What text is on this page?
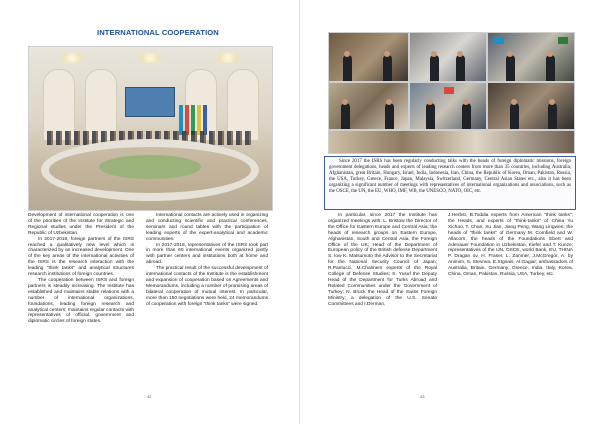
INTERNATIONAL COOPERATION

Development of international cooperation is one of the priorities of the Institute for Strategic and Regional studies under the President of the Republic of Uzbekistan.

In 2017-2018, foreign partners of the ISRS reached a qualitatively new level which is characterized by an increased development. One of the key areas of the international activities of the ISRS is the research interaction with the leading "think tanks" and analytical structures research institutions of foreign countries.

The cooperation between ISRS and foreign partners is steadily increasing. The Institute has established and maintains stable relations with a number of international organizations, foundations, leading foreign research and analytical centers; maintains regular contacts with representatives of official, government and diplomatic circles of foreign states.

International contacts are actively used in organizing and conducting scientific and practical conferences, seminars and round tables with the participation of leading experts of the expert-analytical and academic communities.

In 2017-2018, representatives of the ISRS took part in more than 60 international events organized jointly with partner centers and institutions both at home and abroad.

The practical result of the successful development of international contacts of the Institute is the establishment and expansion of cooperation based on Agreements and Memorandums, including a number of promising areas of bilateral cooperation of mutual interest. In particular, more than 150 negotiations were held, 24 memorandums of cooperation with foreign "think tanks" were signed.

42

Since 2017 the ISRS has been regularly conducting talks with the heads of foreign diplomatic missions, foreign government delegations, heads and experts of leading research centers from more than 35 countries, including Australia, Afghanistan, great Britain, Hungary, Israel, India, Indonesia, Iran, China, the Republic of Korea, Oman, Pakistan, Russia, the USA, Turkey, Greece, France, Japan, Malaysia, Switzerland, Germany, Central Asian States etc., also it has been organizing a significant number of meetings with representatives of international organizations and associations, such as the OSCE, the UN, the EU, WHO, IMF, WB, the UNESCO, NATO, OIC, etc.

In particular, since 2017 the Institute has organized meetings with: L. Bristow the Director of the Office for Eastern Europe and Central Asia; the heads of research groups on Eastern Europe, Afghanistan, South and Central Asia, the Foreign Office of the UK; Head of the Department of European policy of the British defense Department S. Iow K. Matsumoto the Advisor to the Secretariat for the National Security Council of Japan; R.Pantucci, M.Chalmers experts of the Royal College of Defense Studies; S. Yusuf the Deputy Head of the Department for Turks Abroad and Related Communities under the Government of Turkey; N. Bruck the Head of the Swiss Foreign Ministry; a delegation of the U.S. Senate Committees and I.Derman,

J.Herbst, B.Toddia experts from American "think tanks"; the Heads, and experts of "think-tanks" of China Yu Xichao, T. Chan, Xu Jian, Jiang Peng, Wang Lingwen; the heads of "think tanks" of Germany M. Cornfield and W. Allacorn; the heads of the Foundations Ebert and Adenauer Foundation in Uzbekistan, Kiefer and T. Kunze; representatives of the UN, OSCE, world Bank, EU, THINA P. Dragan ov, H. Fraser, L. Zanmer, J.McGregor, A. by Animim, S. Stevnva, E.Stgnais, Al.Gagiar; ambassadors of Australia, Britain, Germany, Greece, India, Italy, Korea, China, Oman, Pakistan, Russia, USA, Turkey, etc.

43
